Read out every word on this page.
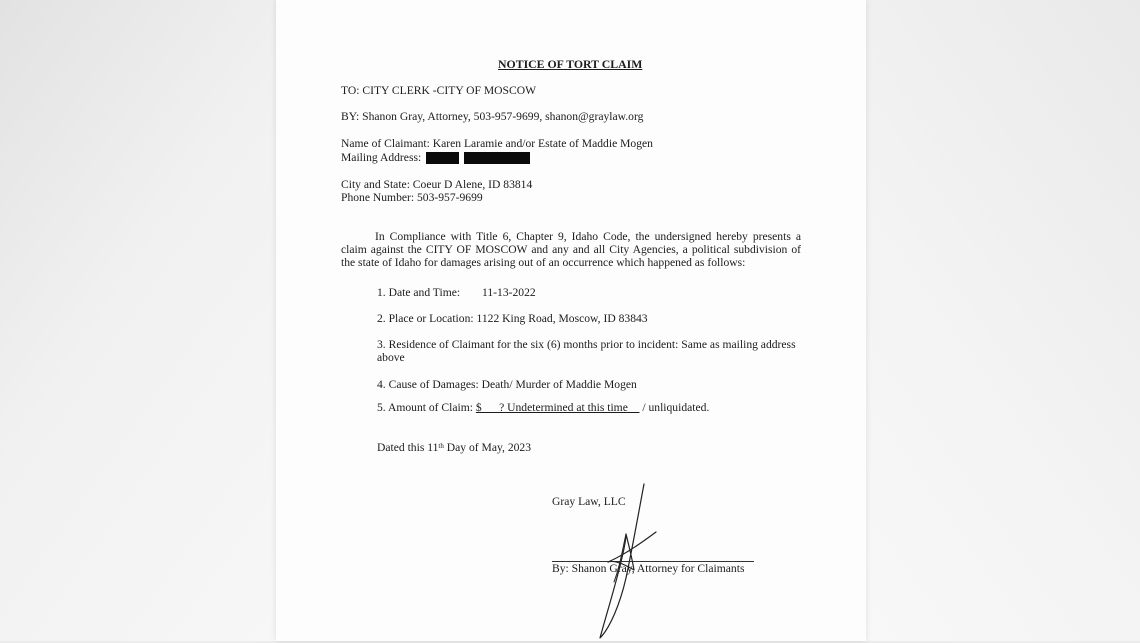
NOTICE OF TORT CLAIM
TO: CITY CLERK -CITY OF MOSCOW
BY: Shanon Gray, Attorney, 503-957-9699, shanon@graylaw.org
Name of Claimant: Karen Laramie and/or Estate of Maddie Mogen
Mailing Address:
City and State: Coeur D Alene, ID 83814
Phone Number: 503-957-9699
In Compliance with Title 6, Chapter 9, Idaho Code, the undersigned hereby presents a claim against the CITY OF MOSCOW and any and all City Agencies, a political subdivision of the state of Idaho for damages arising out of an occurrence which happened as follows:
1. Date and Time: 11-13-2022
2. Place or Location: 1122 King Road, Moscow, ID 83843
3. Residence of Claimant for the six (6) months prior to incident: Same as mailing address
above
4. Cause of Damages: Death/ Murder of Maddie Mogen
5. Amount of Claim: $___? Undetermined at this time__ / unliquidated.
Dated this 11th Day of May, 2023
Gray Law, LLC
By: Shanon Gray, Attorney for Claimants
